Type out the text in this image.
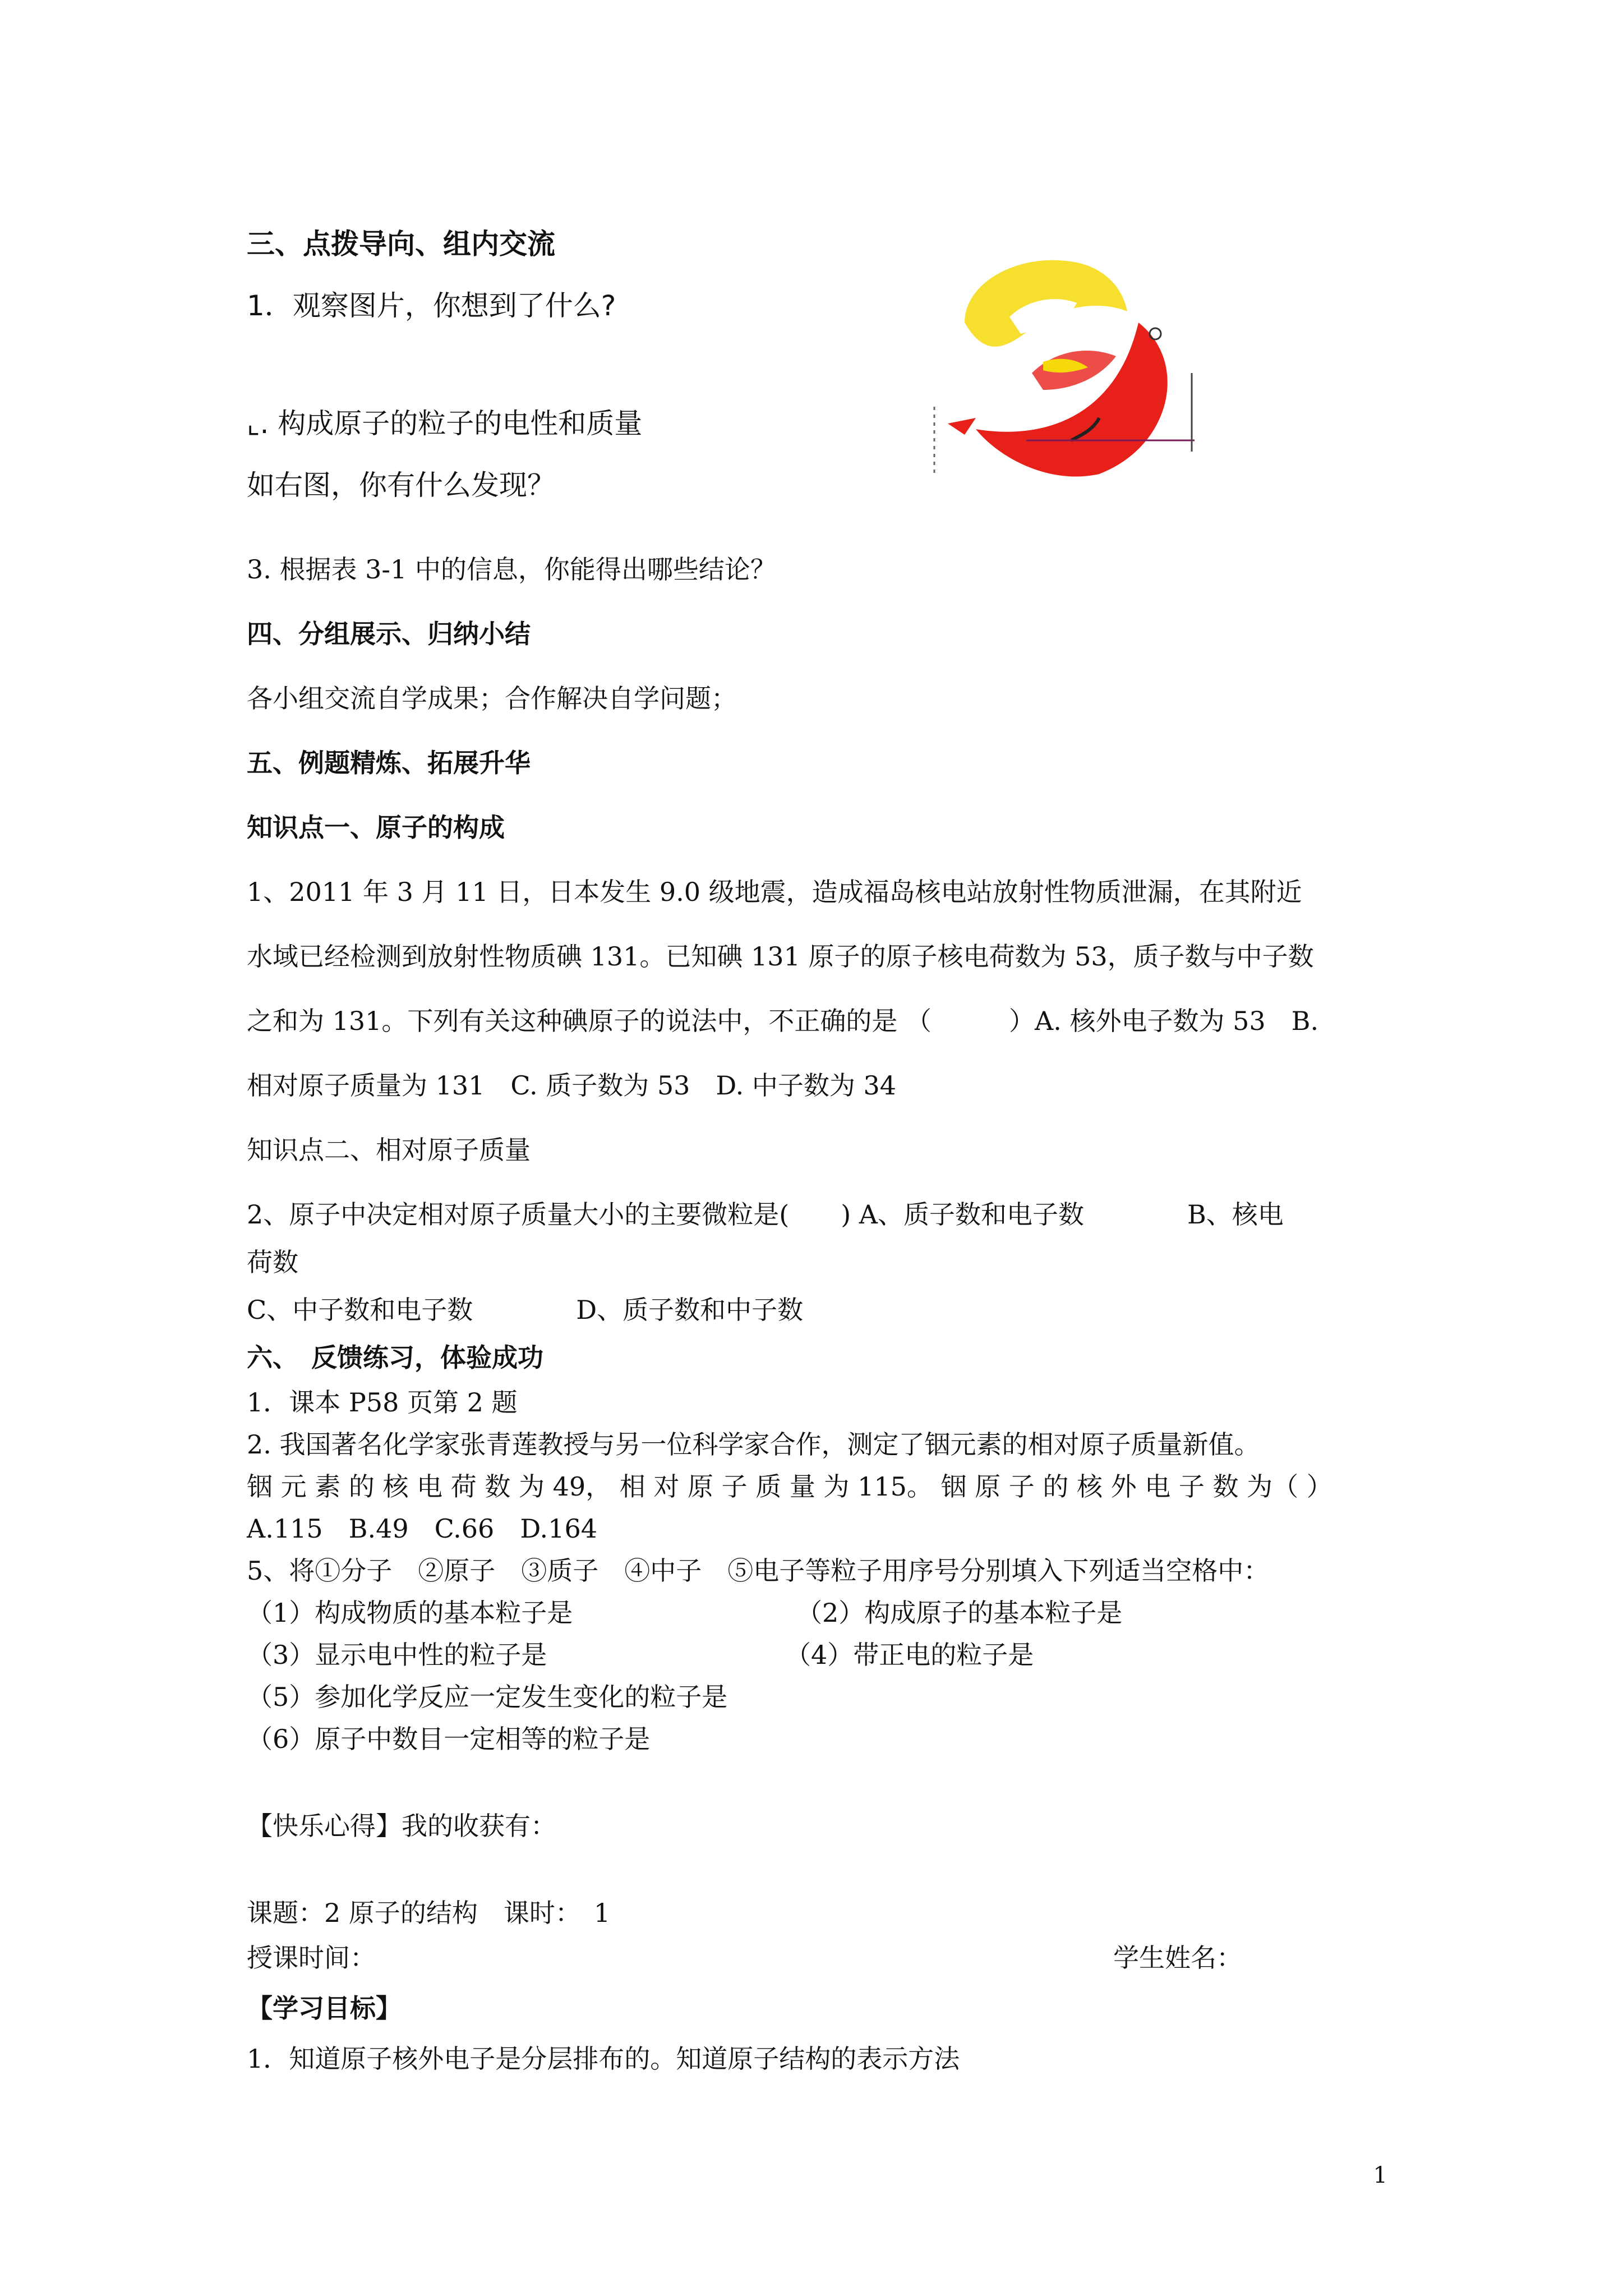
三、点拨导向、组内交流
1．观察图片，你想到了什么?
⌞. 构成原子的粒子的电性和质量
如右图，你有什么发现？
3. 根据表 3-1 中的信息，你能得出哪些结论？
四、分组展示、归纳小结
各小组交流自学成果；合作解决自学问题；
五、例题精炼、拓展升华
知识点一、原子的构成
1、2011 年 3 月 11 日，日本发生 9.0 级地震，造成福岛核电站放射性物质泄漏，在其附近
水域已经检测到放射性物质碘 131。已知碘 131 原子的原子核电荷数为 53，质子数与中子数
之和为 131。下列有关这种碘原子的说法中，不正确的是 （　　　）A. 核外电子数为 53　B.
相对原子质量为 131　C. 质子数为 53　D. 中子数为 34
知识点二、相对原子质量
2、原子中决定相对原子质量大小的主要微粒是(　　) A、质子数和电子数　　　　B、核电
荷数
C、中子数和电子数　　　　D、质子数和中子数
六、　反馈练习，体验成功
1．课本 P58 页第 2 题
2. 我国著名化学家张青莲教授与另一位科学家合作，测定了铟元素的相对原子质量新值。
铟 元 素 的 核 电 荷 数 为 49， 相 对 原 子 质 量 为 115。 铟 原 子 的 核 外 电 子 数 为（ ）
A.115　B.49　C.66　D.164
5、将①分子　②原子　③质子　④中子　⑤电子等粒子用序号分别填入下列适当空格中：
（1）构成物质的基本粒子是	（2）构成原子的基本粒子是
（3）显示电中性的粒子是	（4）带正电的粒子是
（5）参加化学反应一定发生变化的粒子是
（6）原子中数目一定相等的粒子是
【快乐心得】我的收获有：
课题：2 原子的结构　课时：　1
授课时间：	学生姓名：
【学习目标】
1．知道原子核外电子是分层排布的。知道原子结构的表示方法
1
